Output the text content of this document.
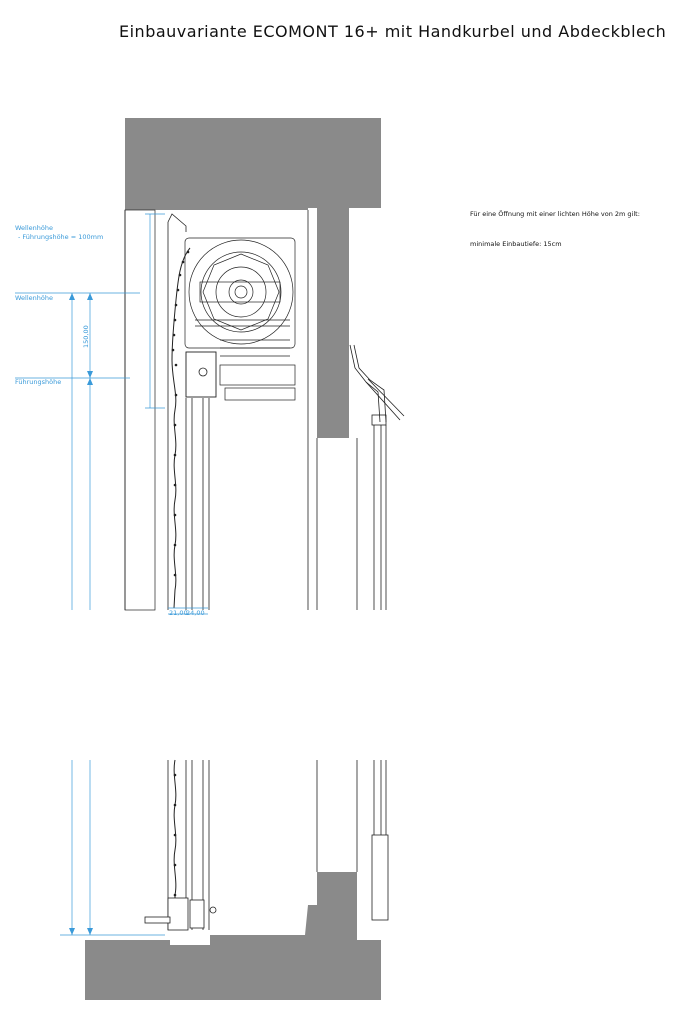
Einbauvariante ECOMONT 16+ mit Handkurbel und Abdeckblech
Für eine Öffnung mit einer lichten Höhe von 2m gilt:
minimale Einbautiefe: 15cm
Wellenhöhe
- Führungshöhe = 100mm
Wellenhöhe
Führungshöhe
150,00
21,00
24,00
